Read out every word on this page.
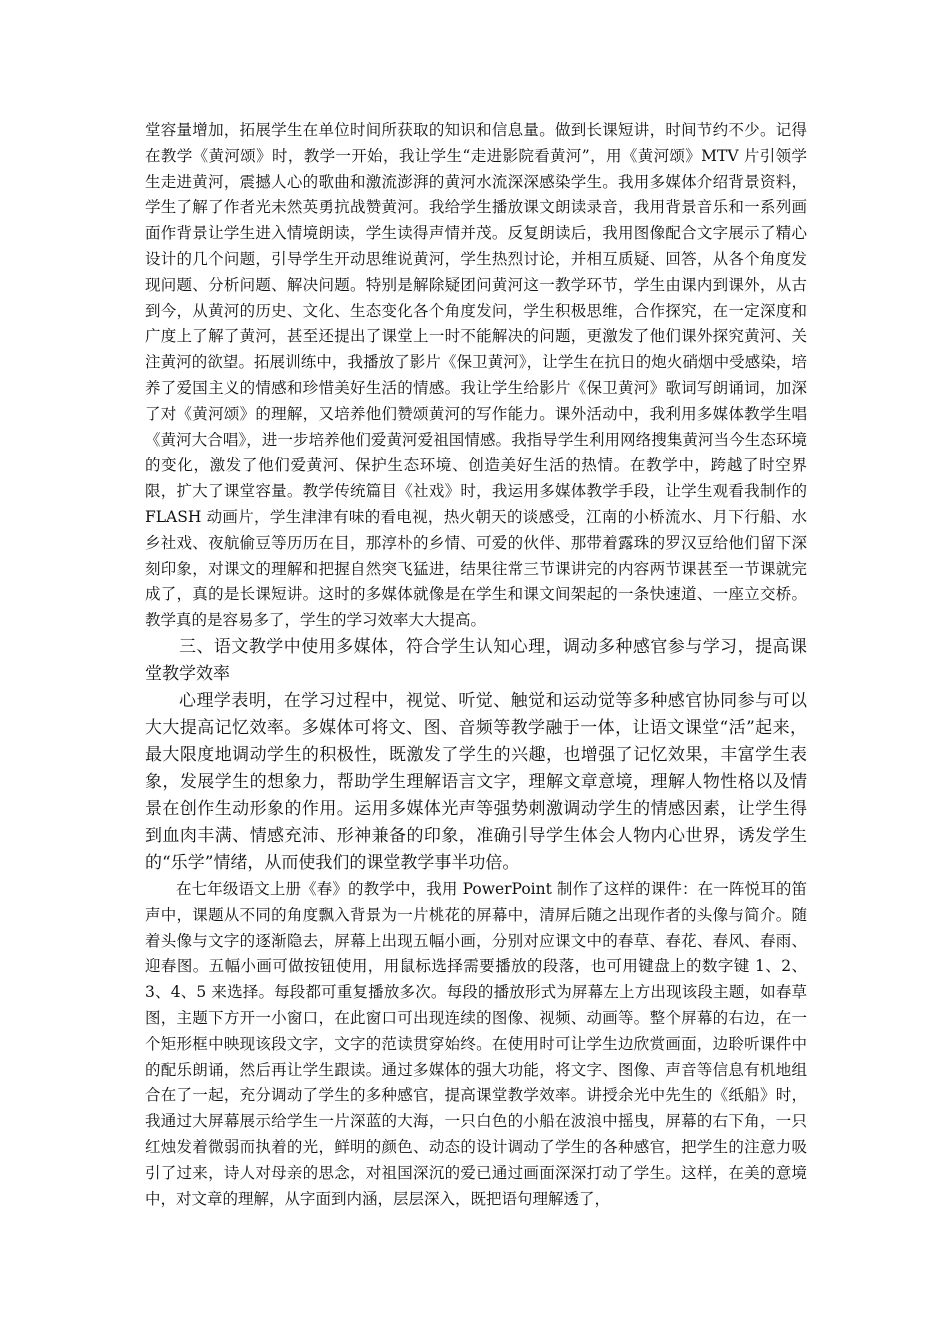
堂容量增加，拓展学生在单位时间所获取的知识和信息量。做到长课短讲，时间节约不少。记得在教学《黄河颂》时，教学一开始，我让学生“走进影院看黄河”，用《黄河颂》MTV 片引领学生走进黄河，震撼人心的歌曲和激流澎湃的黄河水流深深感染学生。我用多媒体介绍背景资料，学生了解了作者光未然英勇抗战赞黄河。我给学生播放课文朗读录音，我用背景音乐和一系列画面作背景让学生进入情境朗读，学生读得声情并茂。反复朗读后，我用图像配合文字展示了精心设计的几个问题，引导学生开动思维说黄河，学生热烈讨论，并相互质疑、回答，从各个角度发现问题、分析问题、解决问题。特别是解除疑团问黄河这一教学环节，学生由课内到课外，从古到今，从黄河的历史、文化、生态变化各个角度发问，学生积极思维，合作探究，在一定深度和广度上了解了黄河，甚至还提出了课堂上一时不能解决的问题，更激发了他们课外探究黄河、关注黄河的欲望。拓展训练中，我播放了影片《保卫黄河》，让学生在抗日的炮火硝烟中受感染，培养了爱国主义的情感和珍惜美好生活的情感。我让学生给影片《保卫黄河》歌词写朗诵词，加深了对《黄河颂》的理解，又培养他们赞颂黄河的写作能力。课外活动中，我利用多媒体教学生唱《黄河大合唱》，进一步培养他们爱黄河爱祖国情感。我指导学生利用网络搜集黄河当今生态环境的变化，激发了他们爱黄河、保护生态环境、创造美好生活的热情。在教学中，跨越了时空界限，扩大了课堂容量。教学传统篇目《社戏》时，我运用多媒体教学手段，让学生观看我制作的 FLASH 动画片，学生津津有味的看电视，热火朝天的谈感受，江南的小桥流水、月下行船、水乡社戏、夜航偷豆等历历在目，那淳朴的乡情、可爱的伙伴、那带着露珠的罗汉豆给他们留下深刻印象，对课文的理解和把握自然突飞猛进，结果往常三节课讲完的内容两节课甚至一节课就完成了，真的是长课短讲。这时的多媒体就像是在学生和课文间架起的一条快速道、一座立交桥。教学真的是容易多了，学生的学习效率大大提高。

三、语文教学中使用多媒体，符合学生认知心理，调动多种感官参与学习，提高课堂教学效率

心理学表明，在学习过程中，视觉、听觉、触觉和运动觉等多种感官协同参与可以大大提高记忆效率。多媒体可将文、图、音频等教学融于一体，让语文课堂“活”起来，最大限度地调动学生的积极性，既激发了学生的兴趣，也增强了记忆效果，丰富学生表象，发展学生的想象力，帮助学生理解语言文字，理解文章意境，理解人物性格以及情景在创作生动形象的作用。运用多媒体光声等强势刺激调动学生的情感因素，让学生得到血肉丰满、情感充沛、形神兼备的印象，准确引导学生体会人物内心世界，诱发学生的“乐学”情绪，从而使我们的课堂教学事半功倍。

在七年级语文上册《春》的教学中，我用 PowerPoint 制作了这样的课件：在一阵悦耳的笛声中，课题从不同的角度飘入背景为一片桃花的屏幕中，清屏后随之出现作者的头像与简介。随着头像与文字的逐渐隐去，屏幕上出现五幅小画，分别对应课文中的春草、春花、春风、春雨、迎春图。五幅小画可做按钮使用，用鼠标选择需要播放的段落，也可用键盘上的数字键 1、2、3、4、5 来选择。每段都可重复播放多次。每段的播放形式为屏幕左上方出现该段主题，如春草图，主题下方开一小窗口，在此窗口可出现连续的图像、视频、动画等。整个屏幕的右边，在一个矩形框中映现该段文字，文字的范读贯穿始终。在使用时可让学生边欣赏画面，边聆听课件中的配乐朗诵，然后再让学生跟读。通过多媒体的强大功能，将文字、图像、声音等信息有机地组合在了一起，充分调动了学生的多种感官，提高课堂教学效率。讲授余光中先生的《纸船》时，我通过大屏幕展示给学生一片深蓝的大海，一只白色的小船在波浪中摇曳，屏幕的右下角，一只红烛发着微弱而执着的光，鲜明的颜色、动态的设计调动了学生的各种感官，把学生的注意力吸引了过来，诗人对母亲的思念，对祖国深沉的爱已通过画面深深打动了学生。这样，在美的意境中，对文章的理解，从字面到内涵，层层深入，既把语句理解透了，
